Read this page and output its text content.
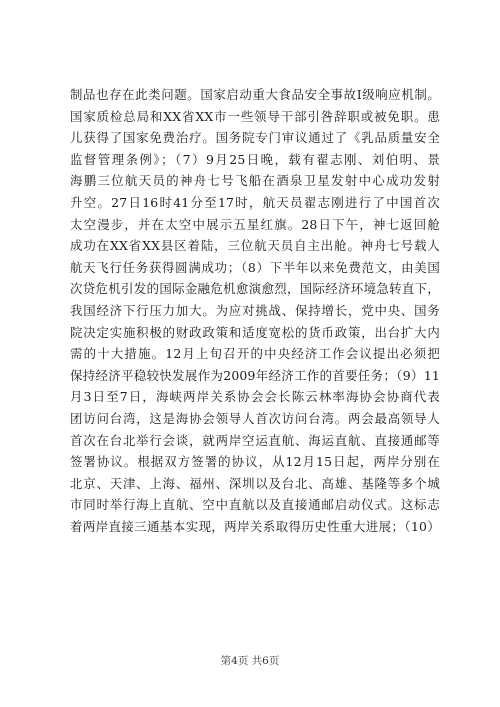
制品也存在此类问题。国家启动重大食品安全事故Ⅰ级响应机制。
国家质检总局和XX省XX市一些领导干部引咎辞职或被免职。患
儿获得了国家免费治疗。国务院专门审议通过了《乳品质量安全
监督管理条例》；（7）9月25日晚，载有翟志刚、刘伯明、景
海鹏三位航天员的神舟七号飞船在酒泉卫星发射中心成功发射
升空。27日16时41分至17时，航天员翟志刚进行了中国首次
太空漫步，并在太空中展示五星红旗。28日下午，神七返回舱
成功在XX省XX县区着陆，三位航天员自主出舱。神舟七号载人
航天飞行任务获得圆满成功；（8）下半年以来免费范文，由美国
次贷危机引发的国际金融危机愈演愈烈，国际经济环境急转直下，
我国经济下行压力加大。为应对挑战、保持增长，党中央、国务
院决定实施积极的财政政策和适度宽松的货币政策，出台扩大内
需的十大措施。12月上旬召开的中央经济工作会议提出必须把
保持经济平稳较快发展作为2009年经济工作的首要任务；（9）11
月3日至7日，海峡两岸关系协会会长陈云林率海协会协商代表
团访问台湾，这是海协会领导人首次访问台湾。两会最高领导人
首次在台北举行会谈，就两岸空运直航、海运直航、直接通邮等
签署协议。根据双方签署的协议，从12月15日起，两岸分别在
北京、天津、上海、福州、深圳以及台北、高雄、基隆等多个城
市同时举行海上直航、空中直航以及直接通邮启动仪式。这标志
着两岸直接三通基本实现，两岸关系取得历史性重大进展；（10）
第4页 共6页
